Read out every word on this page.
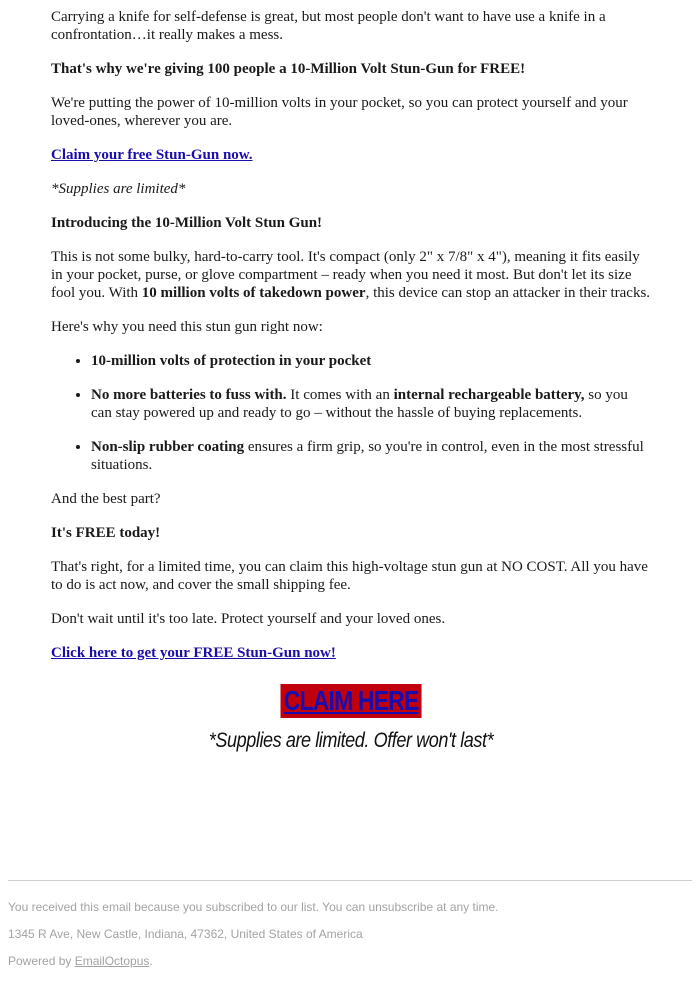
Carrying a knife for self-defense is great, but most people don't want to have use a knife in a confrontation…it really makes a mess.

That's why we're giving 100 people a 10-Million Volt Stun-Gun for FREE!

We're putting the power of 10-million volts in your pocket, so you can protect yourself and your loved-ones, wherever you are.

Claim your free Stun-Gun now.

*Supplies are limited*

Introducing the 10-Million Volt Stun Gun!

This is not some bulky, hard-to-carry tool. It's compact (only 2" x 7/8" x 4"), meaning it fits easily in your pocket, purse, or glove compartment – ready when you need it most. But don't let its size fool you. With 10 million volts of takedown power, this device can stop an attacker in their tracks.

Here's why you need this stun gun right now:

• 10-million volts of protection in your pocket
• No more batteries to fuss with. It comes with an internal rechargeable battery, so you can stay powered up and ready to go – without the hassle of buying replacements.
• Non-slip rubber coating ensures a firm grip, so you're in control, even in the most stressful situations.

And the best part?

It's FREE today!

That's right, for a limited time, you can claim this high-voltage stun gun at NO COST. All you have to do is act now, and cover the small shipping fee.

Don't wait until it's too late. Protect yourself and your loved ones.

Click here to get your FREE Stun-Gun now!

CLAIM HERE
*Supplies are limited. Offer won't last*

You received this email because you subscribed to our list. You can unsubscribe at any time.

1345 R Ave, New Castle, Indiana, 47362, United States of America

Powered by EmailOctopus.
